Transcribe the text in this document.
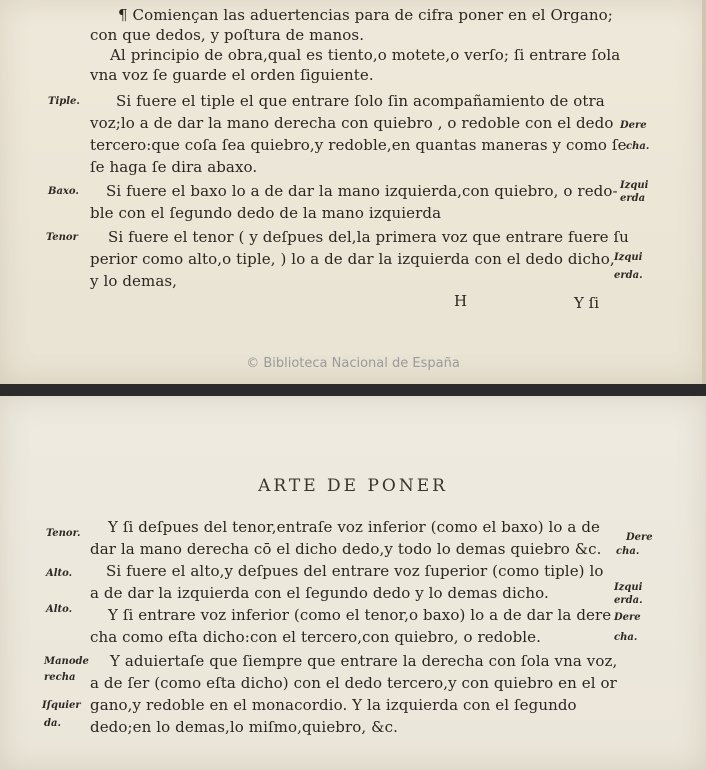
¶ Comiençan las aduertencias para de cifra poner en el Organo;
con que dedos, y poſtura de manos.
Al principio de obra,qual es tiento,o motete,o verſo; ſi entrare ſola
vna voz ſe guarde el orden ſiguiente.
Tiple. Si fuere el tiple el que entrare ſolo ſin acompañamiento de otra
voz;lo a de dar la mano derecha con quiebro , o redoble con el dedo Dere
tercero:que coſa ſea quiebro,y redoble,en quantas maneras y como ſe cha.
ſe haga ſe dira abaxo.
Baxo. Si fuere el baxo lo a de dar la mano izquierda,con quiebro, o redo- Izqui
erda
ble con el ſegundo dedo de la mano izquierda
Tenor Si fuere el tenor ( y deſpues del,la primera voz que entrare fuere ſu
perior como alto,o tiple, ) lo a de dar la izquierda con el dedo dicho, Izqui
y lo demas,	erda.
H	Y ſi
© Biblioteca Nacional de España
ARTE DE PONER
Tenor. Y ſi deſpues del tenor,entraſe voz inferior (como el baxo) lo a de
Dere
dar la mano derecha cō el dicho dedo,y todo lo demas quiebro &c. cha.
Alto. Si fuere el alto,y deſpues del entrare voz ſuperior (como tiple) lo
a de dar la izquierda con el ſegundo dedo y lo demas dicho.	Izqui
erda.
Alto. Y ſi entrare voz inferior (como el tenor,o baxo) lo a de dar la dere Dere
cha como eſta dicho:con el tercero,con quiebro, o redoble.	cha.
Manode Y aduiertaſe que ſiempre que entrare la derecha con ſola vna voz,
recha a de ſer (como eſta dicho) con el dedo tercero,y con quiebro en el or
Iſquier gano,y redoble en el monacordio. Y la izquierda con el ſegundo
da. dedo;en lo demas,lo miſmo,quiebro, &c.
